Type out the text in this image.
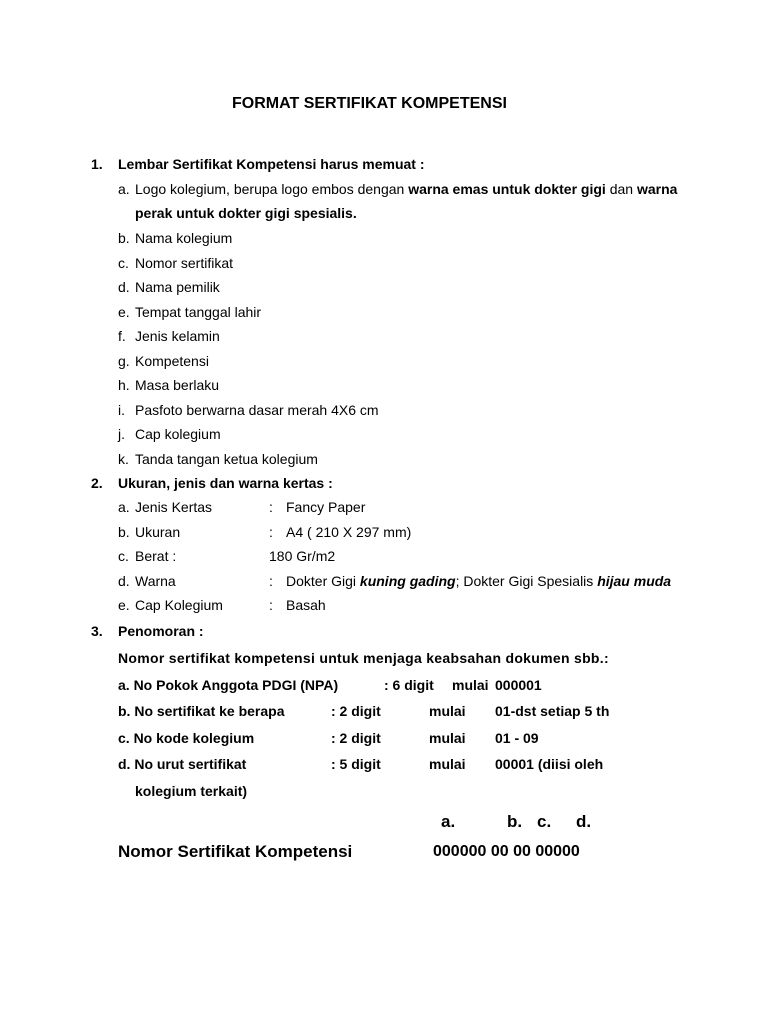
FORMAT SERTIFIKAT KOMPETENSI
1. Lembar Sertifikat Kompetensi harus memuat :
a. Logo kolegium, berupa logo embos dengan warna emas untuk dokter gigi dan warna
perak untuk dokter gigi spesialis.
b. Nama kolegium
c. Nomor sertifikat
d. Nama pemilik
e. Tempat tanggal lahir
f. Jenis kelamin
g. Kompetensi
h. Masa berlaku
i. Pasfoto berwarna dasar merah 4X6 cm
j. Cap kolegium
k. Tanda tangan ketua kolegium
2. Ukuran, jenis dan warna kertas :
a. Jenis Kertas	: Fancy Paper
b. Ukuran	: A4 ( 210 X 297 mm)
c. Berat :	180 Gr/m2
d. Warna	: Dokter Gigi kuning gading; Dokter Gigi Spesialis hijau muda
e. Cap Kolegium	: Basah
3. Penomoran :
Nomor sertifikat kompetensi untuk menjaga keabsahan dokumen sbb.:
a. No Pokok Anggota PDGI (NPA)	: 6 digit mulai 000001
b. No sertifikat ke berapa	: 2 digit	mulai 01-dst setiap 5 th
c. No kode kolegium	: 2 digit	mulai 01 - 09
d. No urut sertifikat	: 5 digit	mulai 00001 (diisi oleh
kolegium terkait)
a.	b. c. d.
Nomor Sertifikat Kompetensi	000000 00 00 00000
